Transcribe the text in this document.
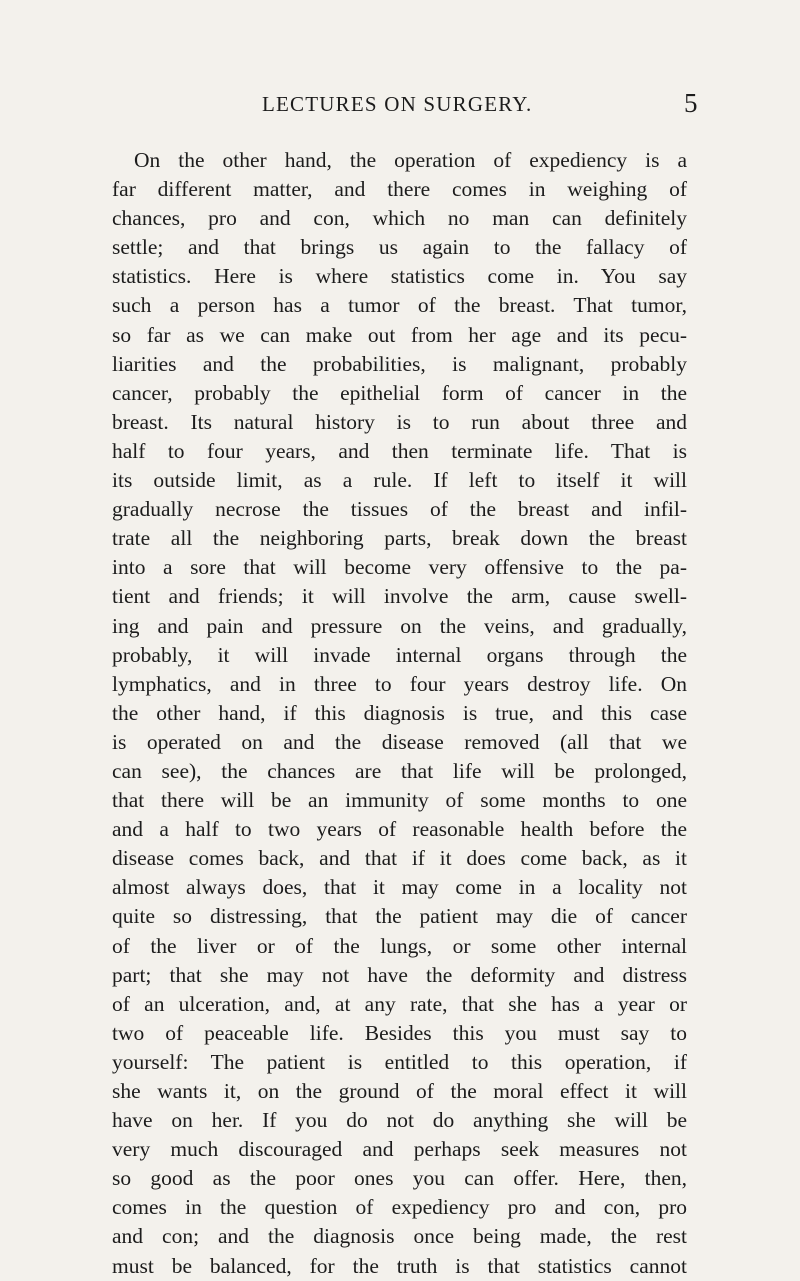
LECTURES ON SURGERY.	5
On the other hand, the operation of expediency is a
far different matter, and there comes in weighing of
chances, pro and con, which no man can definitely
settle; and that brings us again to the fallacy of
statistics. Here is where statistics come in. You say
such a person has a tumor of the breast. That tumor,
so far as we can make out from her age and its pecu-
liarities and the probabilities, is malignant, probably
cancer, probably the epithelial form of cancer in the
breast. Its natural history is to run about three and
half to four years, and then terminate life. That is
its outside limit, as a rule. If left to itself it will
gradually necrose the tissues of the breast and infil-
trate all the neighboring parts, break down the breast
into a sore that will become very offensive to the pa-
tient and friends; it will involve the arm, cause swell-
ing and pain and pressure on the veins, and gradually,
probably, it will invade internal organs through the
lymphatics, and in three to four years destroy life. On
the other hand, if this diagnosis is true, and this case
is operated on and the disease removed (all that we
can see), the chances are that life will be prolonged,
that there will be an immunity of some months to one
and a half to two years of reasonable health before the
disease comes back, and that if it does come back, as it
almost always does, that it may come in a locality not
quite so distressing, that the patient may die of cancer
of the liver or of the lungs, or some other internal
part; that she may not have the deformity and distress
of an ulceration, and, at any rate, that she has a year or
two of peaceable life. Besides this you must say to
yourself: The patient is entitled to this operation, if
she wants it, on the ground of the moral effect it will
have on her. If you do not do anything she will be
very much discouraged and perhaps seek measures not
so good as the poor ones you can offer. Here, then,
comes in the question of expediency pro and con, pro
and con; and the diagnosis once being made, the rest
must be balanced, for the truth is that statistics cannot
